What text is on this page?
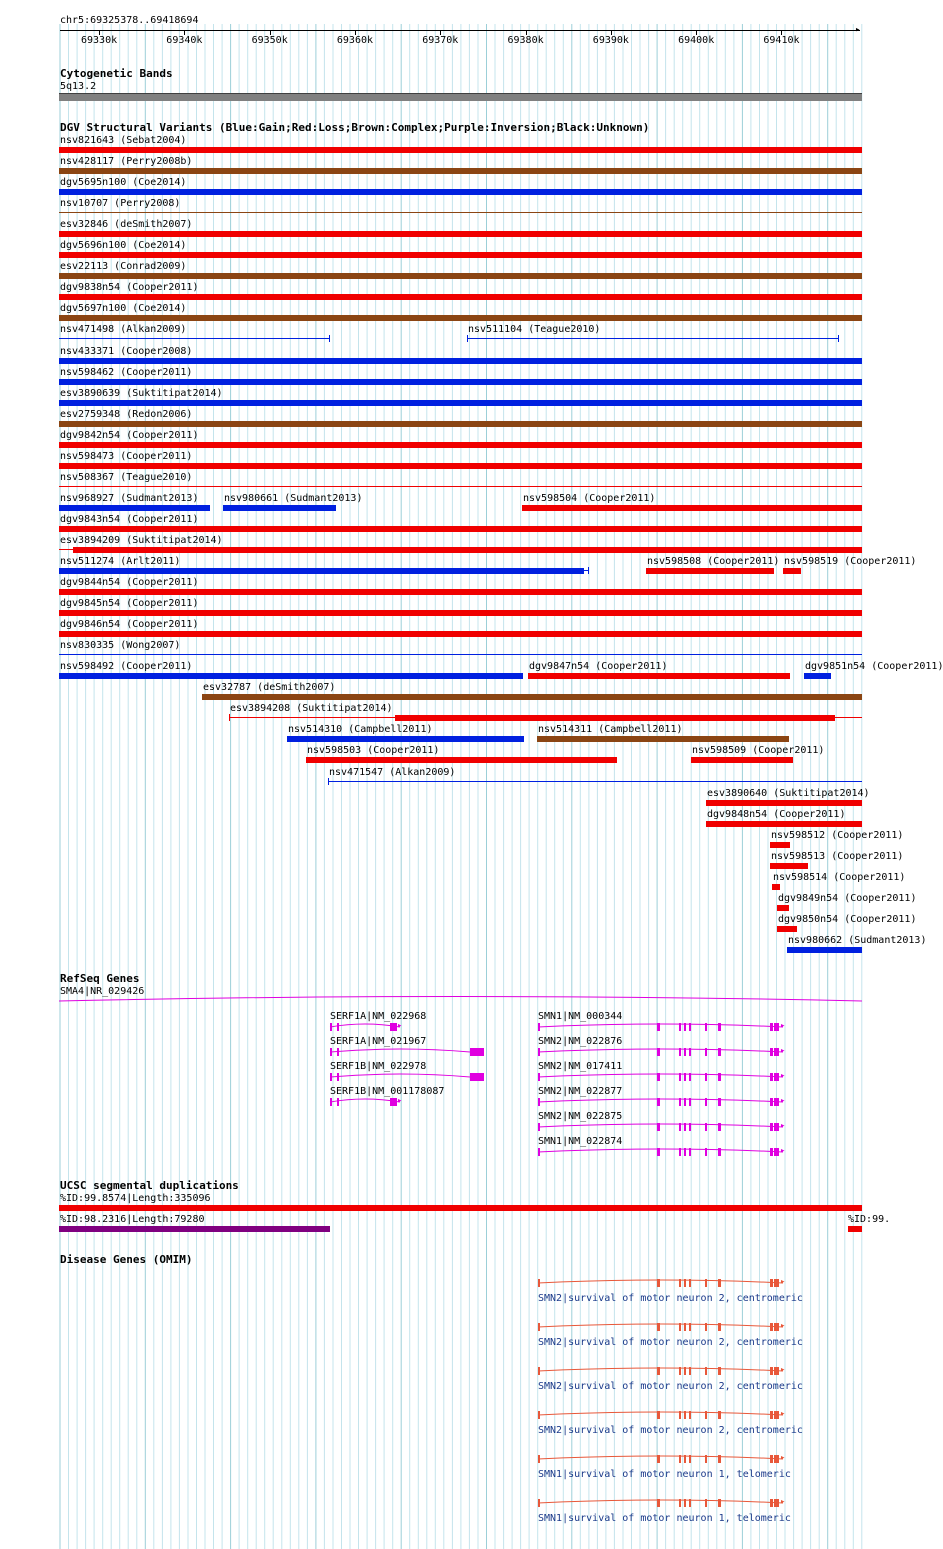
chr5:69325378..69418694
▸
69330k	69340k	69350k	69360k	69370k	69380k	69390k	69400k	69410k
Cytogenetic Bands
5q13.2
DGV Structural Variants (Blue:Gain;Red:Loss;Brown:Complex;Purple:Inversion;Black:Unknown)
nsv821643 (Sebat2004)
nsv428117 (Perry2008b)
dgv5695n100 (Coe2014)
nsv10707 (Perry2008)
esv32846 (deSmith2007)
dgv5696n100 (Coe2014)
esv22113 (Conrad2009)
dgv9838n54 (Cooper2011)
dgv5697n100 (Coe2014)
nsv471498 (Alkan2009)	nsv511104 (Teague2010)
nsv433371 (Cooper2008)
nsv598462 (Cooper2011)
esv3890639 (Suktitipat2014)
esv2759348 (Redon2006)
dgv9842n54 (Cooper2011)
nsv598473 (Cooper2011)
nsv508367 (Teague2010)
nsv968927 (Sudmant2013)	nsv980661 (Sudmant2013)	nsv598504 (Cooper2011)
dgv9843n54 (Cooper2011)
esv3894209 (Suktitipat2014)
nsv511274 (Arlt2011)	nsv598508 (Cooper2011) nsv598519 (Cooper2011)
dgv9844n54 (Cooper2011)
dgv9845n54 (Cooper2011)
dgv9846n54 (Cooper2011)
nsv830335 (Wong2007)
nsv598492 (Cooper2011)	dgv9847n54 (Cooper2011)	dgv9851n54 (Cooper2011)
esv32787 (deSmith2007)
esv3894208 (Suktitipat2014)
nsv514310 (Campbell2011)	nsv514311 (Campbell2011)
nsv598503 (Cooper2011)	nsv598509 (Cooper2011)
nsv471547 (Alkan2009)
esv3890640 (Suktitipat2014)
dgv9848n54 (Cooper2011)
nsv598512 (Cooper2011)
nsv598513 (Cooper2011)
nsv598514 (Cooper2011)
dgv9849n54 (Cooper2011)
dgv9850n54 (Cooper2011)
nsv980662 (Sudmant2013)
RefSeq Genes
SMA4|NR_029426
SERF1A|NM_022968
▸
SERF1A|NM_021967
SERF1B|NM_022978
SERF1B|NM_001178087
▸
SMN1|NM_000344
▸
SMN2|NM_022876
▸
SMN2|NM_017411
▸
SMN2|NM_022877
▸
SMN2|NM_022875
▸
SMN1|NM_022874
▸
UCSC segmental duplications
%ID:99.8574|Length:335096
%ID:98.2316|Length:79280	%ID:99.
Disease Genes (OMIM)
▸
SMN2|survival of motor neuron 2, centromeric
▸
SMN2|survival of motor neuron 2, centromeric
▸
SMN2|survival of motor neuron 2, centromeric
▸
SMN2|survival of motor neuron 2, centromeric
▸
SMN1|survival of motor neuron 1, telomeric
▸
SMN1|survival of motor neuron 1, telomeric
